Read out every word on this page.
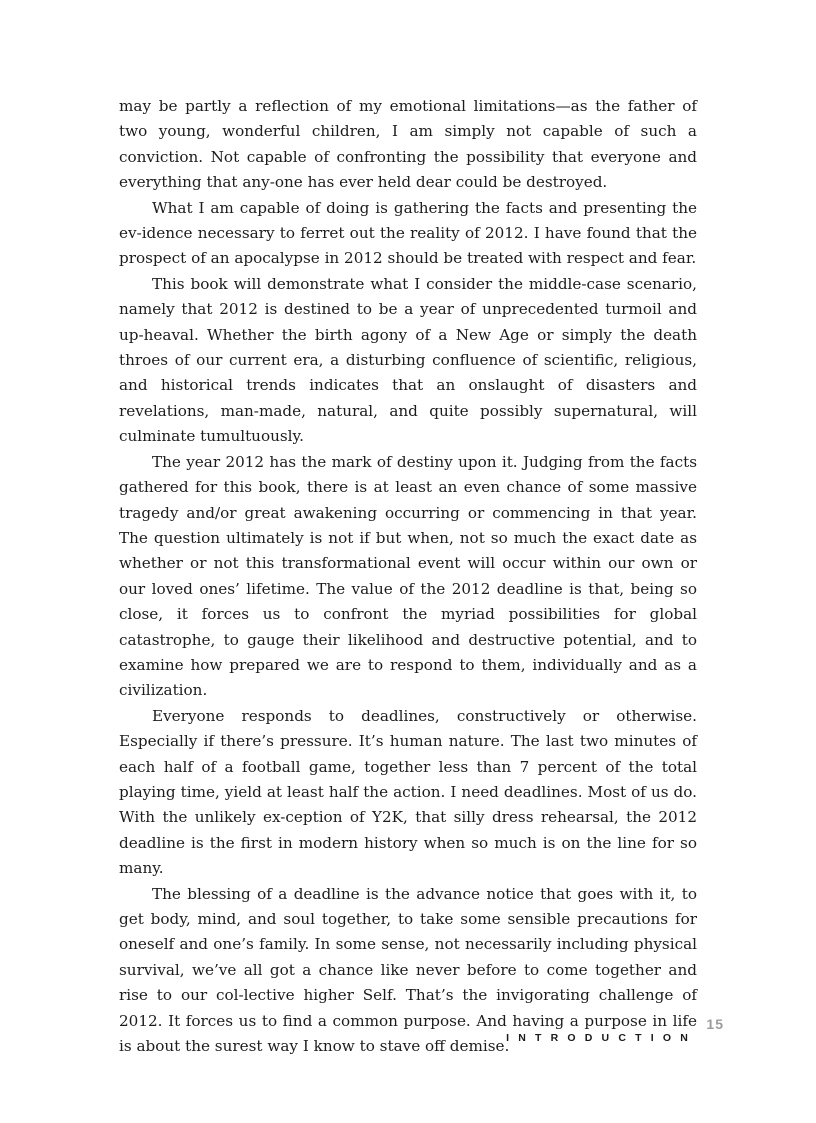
may be partly a reflection of my emotional limitations—as the father of two young, wonderful children, I am simply not capable of such a conviction. Not capable of confronting the possibility that everyone and everything that any-one has ever held dear could be destroyed.

What I am capable of doing is gathering the facts and presenting the ev-idence necessary to ferret out the reality of 2012. I have found that the prospect of an apocalypse in 2012 should be treated with respect and fear.

This book will demonstrate what I consider the middle-case scenario, namely that 2012 is destined to be a year of unprecedented turmoil and up-heaval. Whether the birth agony of a New Age or simply the death throes of our current era, a disturbing confluence of scientific, religious, and historical trends indicates that an onslaught of disasters and revelations, man-made, natural, and quite possibly supernatural, will culminate tumultuously.

The year 2012 has the mark of destiny upon it. Judging from the facts gathered for this book, there is at least an even chance of some massive tragedy and/or great awakening occurring or commencing in that year. The question ultimately is not if but when, not so much the exact date as whether or not this transformational event will occur within our own or our loved ones’ lifetime. The value of the 2012 deadline is that, being so close, it forces us to confront the myriad possibilities for global catastrophe, to gauge their likelihood and destructive potential, and to examine how prepared we are to respond to them, individually and as a civilization.

Everyone responds to deadlines, constructively or otherwise. Especially if there’s pressure. It’s human nature. The last two minutes of each half of a football game, together less than 7 percent of the total playing time, yield at least half the action. I need deadlines. Most of us do. With the unlikely ex-ception of Y2K, that silly dress rehearsal, the 2012 deadline is the first in modern history when so much is on the line for so many.

The blessing of a deadline is the advance notice that goes with it, to get body, mind, and soul together, to take some sensible precautions for oneself and one’s family. In some sense, not necessarily including physical survival, we’ve all got a chance like never before to come together and rise to our col-lective higher Self. That’s the invigorating challenge of 2012. It forces us to find a common purpose. And having a purpose in life is about the surest way I know to stave off demise.

15
INTRODUCTION
